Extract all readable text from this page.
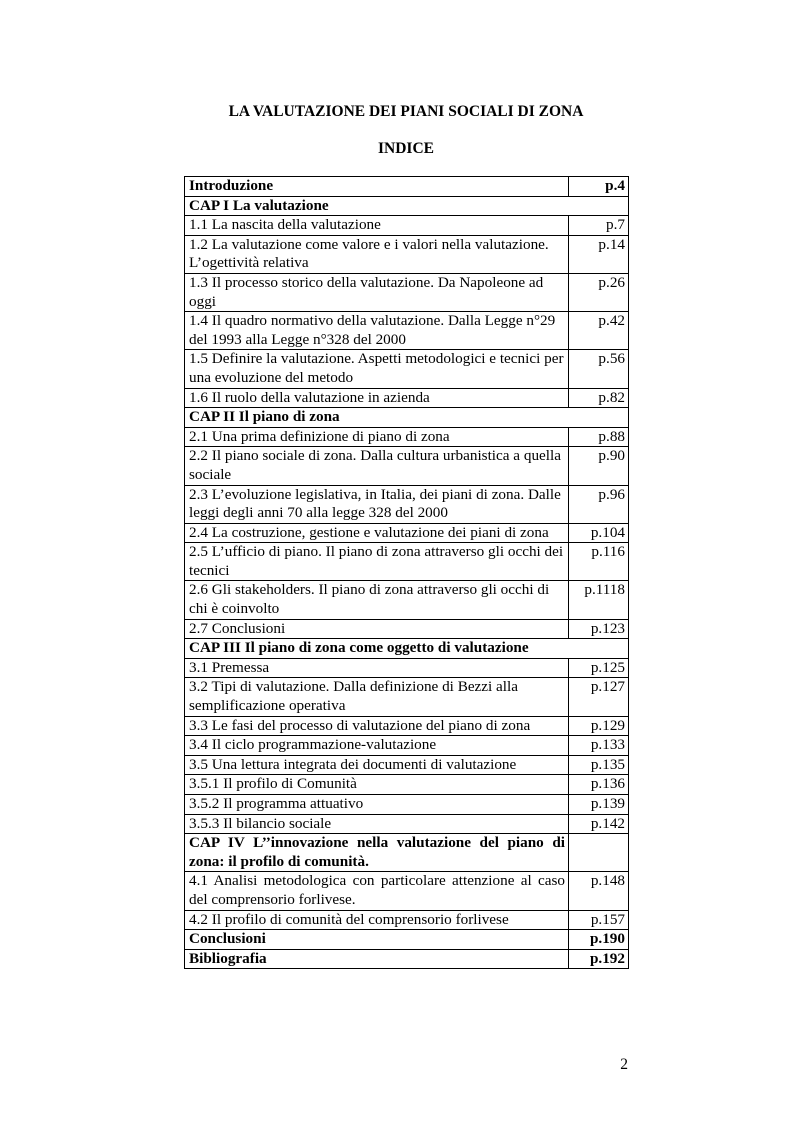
LA VALUTAZIONE DEI PIANI SOCIALI DI ZONA
INDICE
Introduzione	p.4
CAP I La valutazione	
1.1 La nascita della valutazione	p.7
1.2 La valutazione come valore e i valori nella valutazione. L’ogettività relativa	p.14
1.3 Il processo storico della valutazione. Da Napoleone ad oggi	p.26
1.4 Il quadro normativo della valutazione. Dalla Legge n°29 del 1993 alla Legge n°328 del 2000	p.42
1.5 Definire la valutazione. Aspetti metodologici e tecnici per una evoluzione del metodo	p.56
1.6 Il ruolo della valutazione in azienda	p.82
CAP II Il piano di zona	
2.1 Una prima definizione di piano di zona	p.88
2.2 Il piano sociale di zona. Dalla cultura urbanistica a quella sociale	p.90
2.3 L’evoluzione legislativa, in Italia, dei piani di zona. Dalle leggi degli anni 70 alla legge 328 del 2000	p.96
2.4 La costruzione, gestione e valutazione dei piani di zona	p.104
2.5 L’ufficio di piano. Il piano di zona attraverso gli occhi dei tecnici	p.116
2.6 Gli stakeholders. Il piano di zona attraverso gli occhi di chi è coinvolto	p.1118
2.7 Conclusioni	p.123
CAP III Il piano di zona come oggetto di valutazione	
3.1 Premessa	p.125
3.2 Tipi di valutazione. Dalla definizione di Bezzi alla semplificazione operativa	p.127
3.3 Le fasi del processo di valutazione del piano di zona	p.129
3.4 Il ciclo programmazione-valutazione	p.133
3.5 Una lettura integrata dei documenti di valutazione	p.135
3.5.1 Il profilo di Comunità	p.136
3.5.2 Il programma attuativo	p.139
3.5.3 Il bilancio sociale	p.142
CAP IV L’’innovazione nella valutazione del piano di zona: il profilo di comunità.	
4.1 Analisi metodologica con particolare attenzione al caso del comprensorio forlivese.	p.148
4.2 Il profilo di comunità del comprensorio forlivese	p.157
Conclusioni	p.190
Bibliografia	p.192
2
